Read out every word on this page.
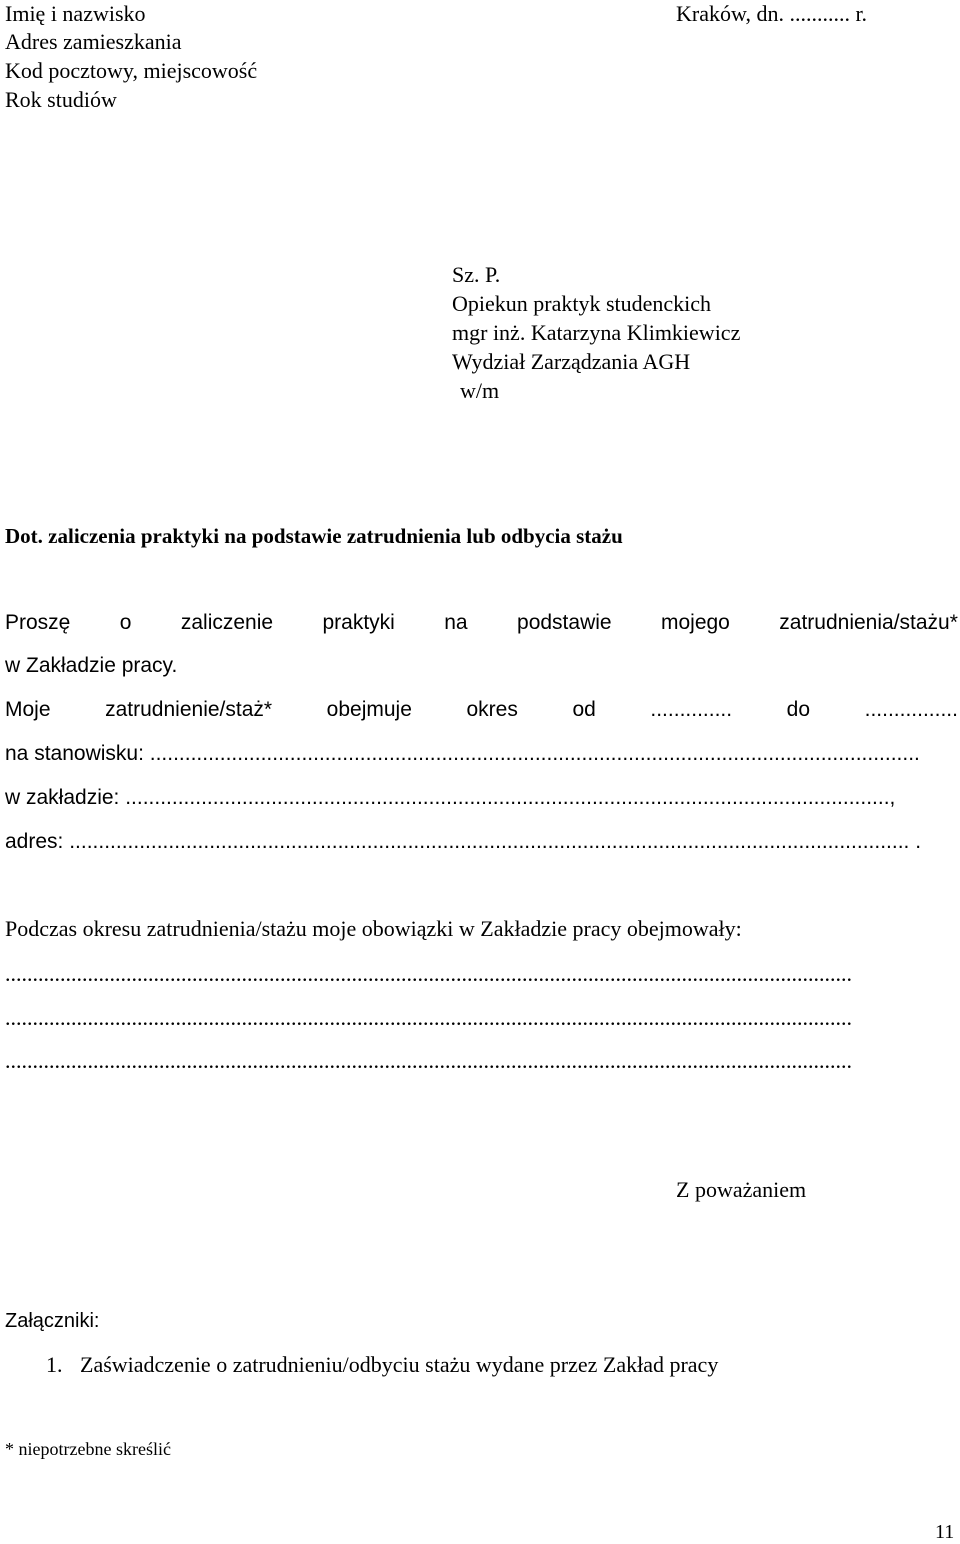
Imię i nazwisko
Adres zamieszkania
Kod pocztowy, miejscowość
Rok studiów
Kraków, dn. ........... r.
Sz. P.
Opiekun praktyk studenckich
mgr inż. Katarzyna Klimkiewicz
Wydział Zarządzania AGH
w/m
Dot. zaliczenia praktyki na podstawie zatrudnienia lub odbycia stażu
Proszę o zaliczenie praktyki na podstawie mojego zatrudnienia/stażu*
w Zakładzie pracy.
Moje	zatrudnienie/staż*	obejmuje	okres	od	..............	do	................
na stanowisku: ....................................................................................................................................
w zakładzie: ...................................................................................................................................,
adres: ................................................................................................................................................ .
Podczas okresu zatrudnienia/stażu moje obowiązki w Zakładzie pracy obejmowały:
..........................................................................................................................................................
..........................................................................................................................................................
..........................................................................................................................................................
Z poważaniem
Załączniki:
1. Zaświadczenie o zatrudnieniu/odbyciu stażu wydane przez Zakład pracy
* niepotrzebne skreślić
11
